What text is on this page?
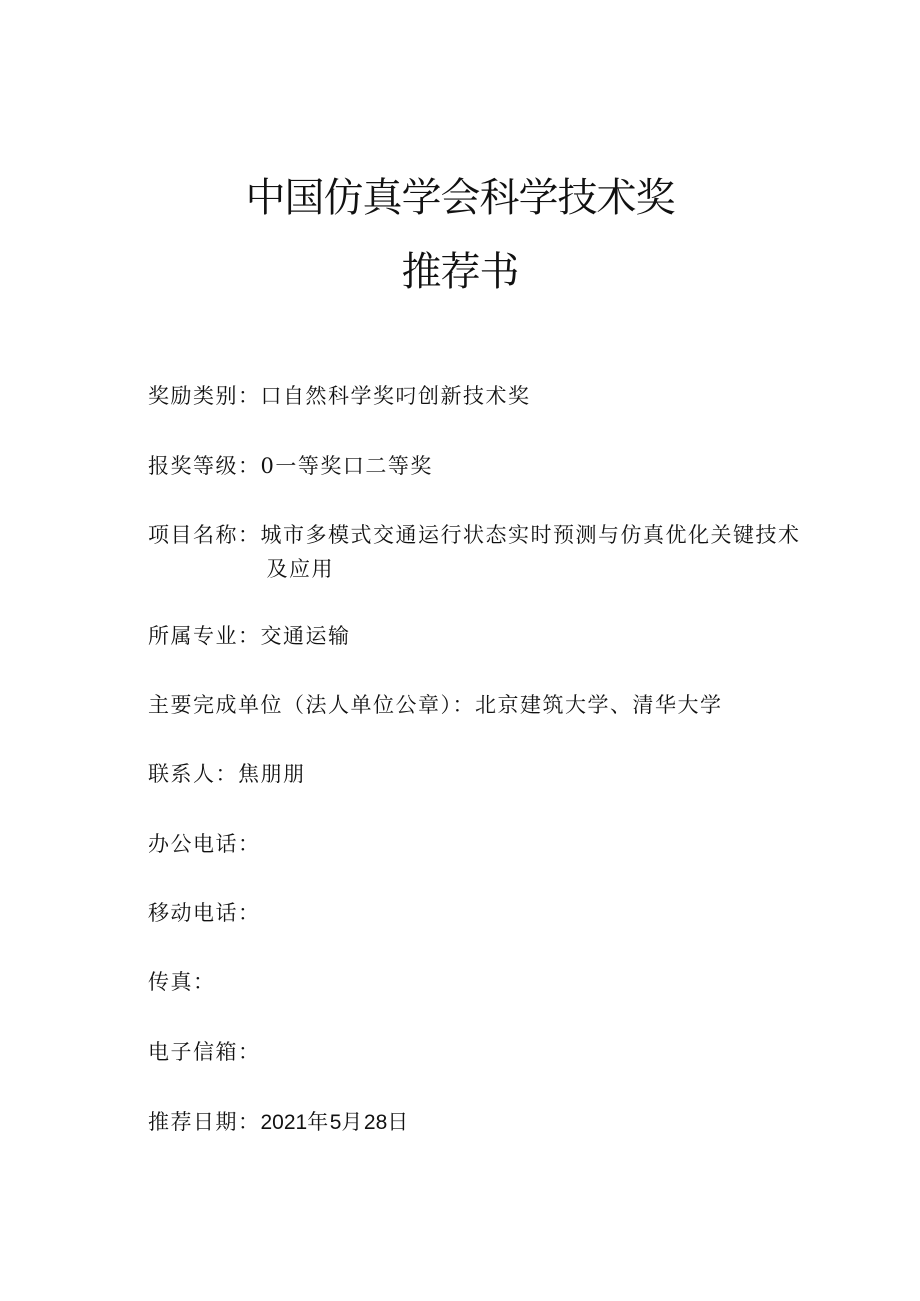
中国仿真学会科学技术奖
推荐书
奖励类别：口自然科学奖叼创新技术奖
报奖等级：0一等奖口二等奖
项目名称：城市多模式交通运行状态实时预测与仿真优化关键技术
及应用
所属专业：交通运输
主要完成单位（法人单位公章）：北京建筑大学、清华大学
联系人：焦朋朋
办公电话：
移动电话：
传真：
电子信箱：
推荐日期：2021年5月28日
